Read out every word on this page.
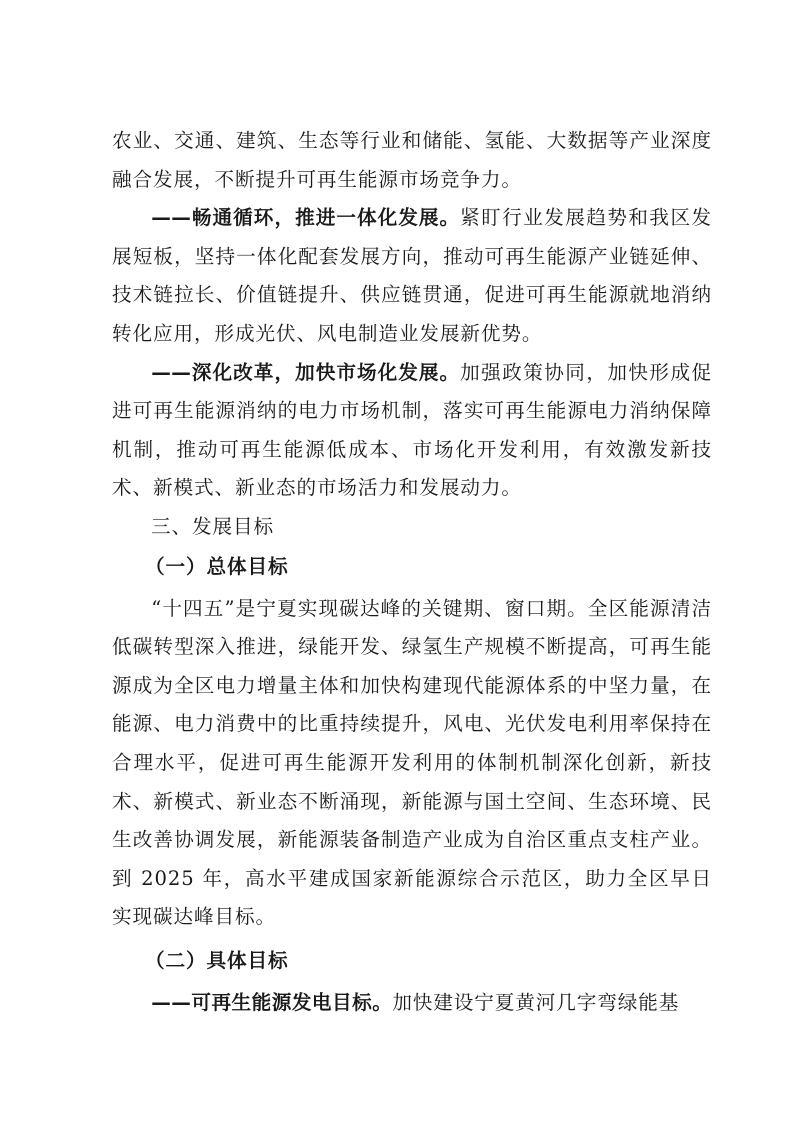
农业、交通、建筑、生态等行业和储能、氢能、大数据等产业深度融合发展，不断提升可再生能源市场竞争力。

——畅通循环，推进一体化发展。紧盯行业发展趋势和我区发展短板，坚持一体化配套发展方向，推动可再生能源产业链延伸、技术链拉长、价值链提升、供应链贯通，促进可再生能源就地消纳转化应用，形成光伏、风电制造业发展新优势。

——深化改革，加快市场化发展。加强政策协同，加快形成促进可再生能源消纳的电力市场机制，落实可再生能源电力消纳保障机制，推动可再生能源低成本、市场化开发利用，有效激发新技术、新模式、新业态的市场活力和发展动力。

三、发展目标
（一）总体目标

“十四五”是宁夏实现碳达峰的关键期、窗口期。全区能源清洁低碳转型深入推进，绿能开发、绿氢生产规模不断提高，可再生能源成为全区电力增量主体和加快构建现代能源体系的中坚力量，在能源、电力消费中的比重持续提升，风电、光伏发电利用率保持在合理水平，促进可再生能源开发利用的体制机制深化创新，新技术、新模式、新业态不断涌现，新能源与国土空间、生态环境、民生改善协调发展，新能源装备制造产业成为自治区重点支柱产业。到 2025 年，高水平建成国家新能源综合示范区，助力全区早日实现碳达峰目标。

（二）具体目标

——可再生能源发电目标。加快建设宁夏黄河几字弯绿能基
